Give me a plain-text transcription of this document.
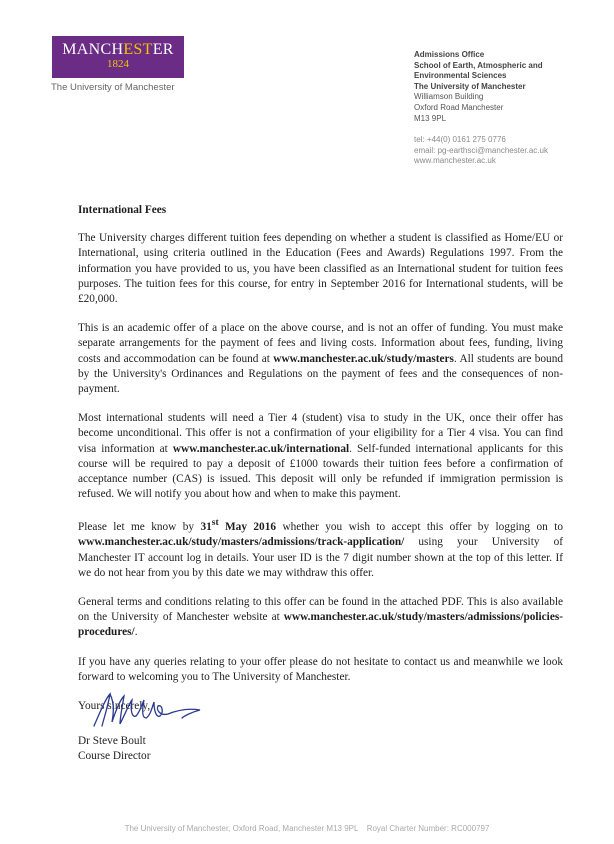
MANCHESTER
1824
The University of Manchester
Admissions Office
School of Earth, Atmospheric and
Environmental Sciences
The University of Manchester
Williamson Building
Oxford Road Manchester
M13 9PL
tel: +44(0) 0161 275 0776
email: pg-earthsci@manchester.ac.uk
www.manchester.ac.uk
International Fees

The University charges different tuition fees depending on whether a student is classified as Home/EU or International, using criteria outlined in the Education (Fees and Awards) Regulations 1997. From the information you have provided to us, you have been classified as an International student for tuition fees purposes. The tuition fees for this course, for entry in September 2016 for International students, will be £20,000.

This is an academic offer of a place on the above course, and is not an offer of funding. You must make separate arrangements for the payment of fees and living costs. Information about fees, funding, living costs and accommodation can be found at www.manchester.ac.uk/study/masters. All students are bound by the University's Ordinances and Regulations on the payment of fees and the consequences of non-payment.

Most international students will need a Tier 4 (student) visa to study in the UK, once their offer has become unconditional. This offer is not a confirmation of your eligibility for a Tier 4 visa. You can find visa information at www.manchester.ac.uk/international. Self-funded international applicants for this course will be required to pay a deposit of £1000 towards their tuition fees before a confirmation of acceptance number (CAS) is issued. This deposit will only be refunded if immigration permission is refused. We will notify you about how and when to make this payment.

Please let me know by 31st May 2016 whether you wish to accept this offer by logging on to www.manchester.ac.uk/study/masters/admissions/track-application/ using your University of Manchester IT account log in details. Your user ID is the 7 digit number shown at the top of this letter. If we do not hear from you by this date we may withdraw this offer.

General terms and conditions relating to this offer can be found in the attached PDF. This is also available on the University of Manchester website at www.manchester.ac.uk/study/masters/admissions/policies-procedures/.

If you have any queries relating to your offer please do not hesitate to contact us and meanwhile we look forward to welcoming you to The University of Manchester.

Yours sincerely,

Dr Steve Boult
Course Director
The University of Manchester, Oxford Road, Manchester M13 9PL Royal Charter Number: RC000797
